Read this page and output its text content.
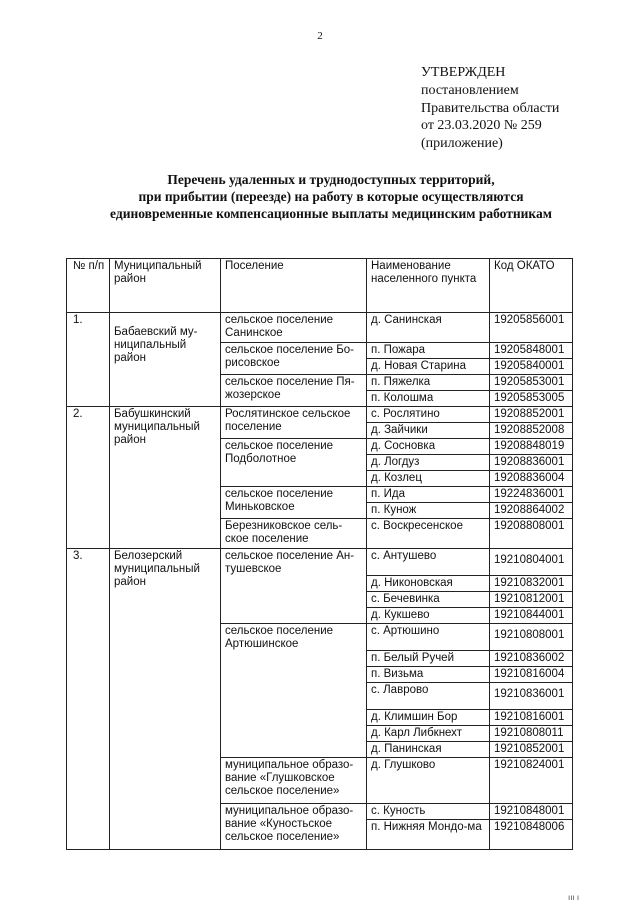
2
УТВЕРЖДЕН
постановлением
Правительства области
от 23.03.2020 № 259
(приложение)
Перечень удаленных и труднодоступных территорий,
при прибытии (переезде) на работу в которые осуществляются
единовременные компенсационные выплаты медицинским работникам
№ п/п	Муниципальный район	Поселение	Наименование населенного пункта	Код ОКАТО
1.	Бабаевский му-ниципальный район	сельское поселение Санинское	д. Санинская	19205856001
		сельское поселение Бо-рисовское	п. Пожара	19205848001
			д. Новая Старина	19205840001
		сельское поселение Пя-жозерское	п. Пяжелка	19205853001
			п. Колошма	19205853005
2.	Бабушкинский муниципальный район	Рослятинское сельское поселение	с. Рослятино	19208852001
			д. Зайчики	19208852008
		сельское поселение Подболотное	д. Сосновка	19208848019
			д. Логдуз	19208836001
			д. Козлец	19208836004
		сельское поселение Миньковское	п. Ида	19224836001
			п. Кунож	19208864002
		Березниковское сель-ское поселение	с. Воскресенское	19208808001
3.	Белозерский муниципальный район	сельское поселение Ан-тушевское	с. Антушево	19210804001

			д. Никоновская	19210832001
			с. Бечевинка	19210812001
			д. Кукшево	19210844001
		сельское поселение Артюшинское	с. Артюшино	19210808001

			п. Белый Ручей	19210836002
			п. Визьма	19210816004
			с. Лаврово	19210836001

			д. Климшин Бор	19210816001
			д. Карл Либкнехт	19210808011
			д. Панинская	19210852001
		муниципальное образо-вание «Глушковское сельское поселение»	д. Глушково	19210824001
		муниципальное образо-вание «Куностьское сельское поселение»	с. Куность	19210848001
			п. Нижняя Мондо-ма	19210848006
ııı ı
